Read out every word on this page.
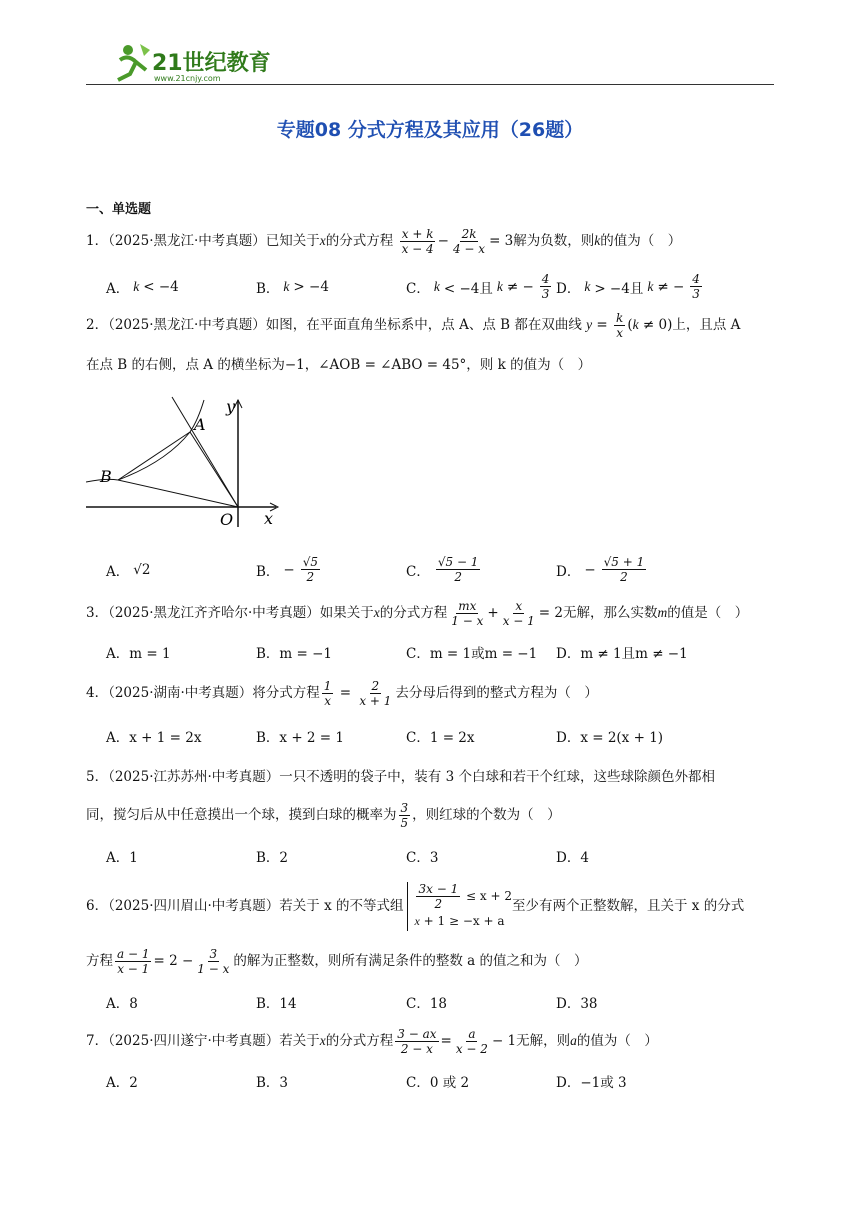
21世纪教育
www.21cnjy.com
专题08 分式方程及其应用（26题）
一、单选题
1．（2025·黑龙江·中考真题）已知关于x的分式方程 $\frac{x + k}{x - 4} - \frac{2k}{4 - x} = 3$解为负数，则k的值为（　）
A． k < −4	B． k > −4	C． k < −4且 k ≠ − $\frac{4}{3}$ D． k > −4且 k ≠ − $\frac{4}{3}$
2．（2025·黑龙江·中考真题）如图，在平面直角坐标系中，点 A、点 B 都在双曲线 $y = \frac{k}{x} (k \ne 0)$上，且点 A
在点 B 的右侧，点 A 的横坐标为−1，∠AOB = ∠ABO = 45°，则 k 的值为（　）
y
A
B
O x
A． √2	B． − $\frac{√5}{2}$	C． $\frac{√5 - 1}{2}$	D． − $\frac{√5 + 1}{2}$
3．（2025·黑龙江齐齐哈尔·中考真题）如果关于x的分式方程 $\frac{mx}{1 - x} + \frac{x}{x - 1} = 2$无解，那么实数m的值是（　）
A．m = 1	B．m = −1	C．m = 1或m = −1	D．m ≠ 1且m ≠ −1
4．（2025·湖南·中考真题）将分式方程 $\frac{1}{x} = \frac{2}{x + 1}$ 去分母后得到的整式方程为（　）
A．x + 1 = 2x	B．x + 2 = 1	C．1 = 2x	D．x = 2(x + 1)
5．（2025·江苏苏州·中考真题）一只不透明的袋子中，装有 3 个白球和若干个红球，这些球除颜色外都相
同，搅匀后从中任意摸出一个球，摸到白球的概率为 $\frac{3}{5}$ ，则红球的个数为（　）
A．1	B．2	C．3	D．4
6．（2025·四川眉山·中考真题）若关于 x 的不等式组 $\frac{3x - 1}{2} \le x + 2$
x + 1 ≥ −x + a至少有两个正整数解，且关于 x 的分式
方程 $\frac{a - 1}{x - 1} = 2 - \frac{3}{1 - x}$ 的解为正整数，则所有满足条件的整数 a 的值之和为（　）
A．8	B．14	C．18	D．38
7．（2025·四川遂宁·中考真题）若关于x的分式方程 $\frac{3 - ax}{2 - x} = \frac{a}{x - 2} - 1$无解，则a的值为（　）
A．2	B．3	C．0 或 2	D．−1或 3
